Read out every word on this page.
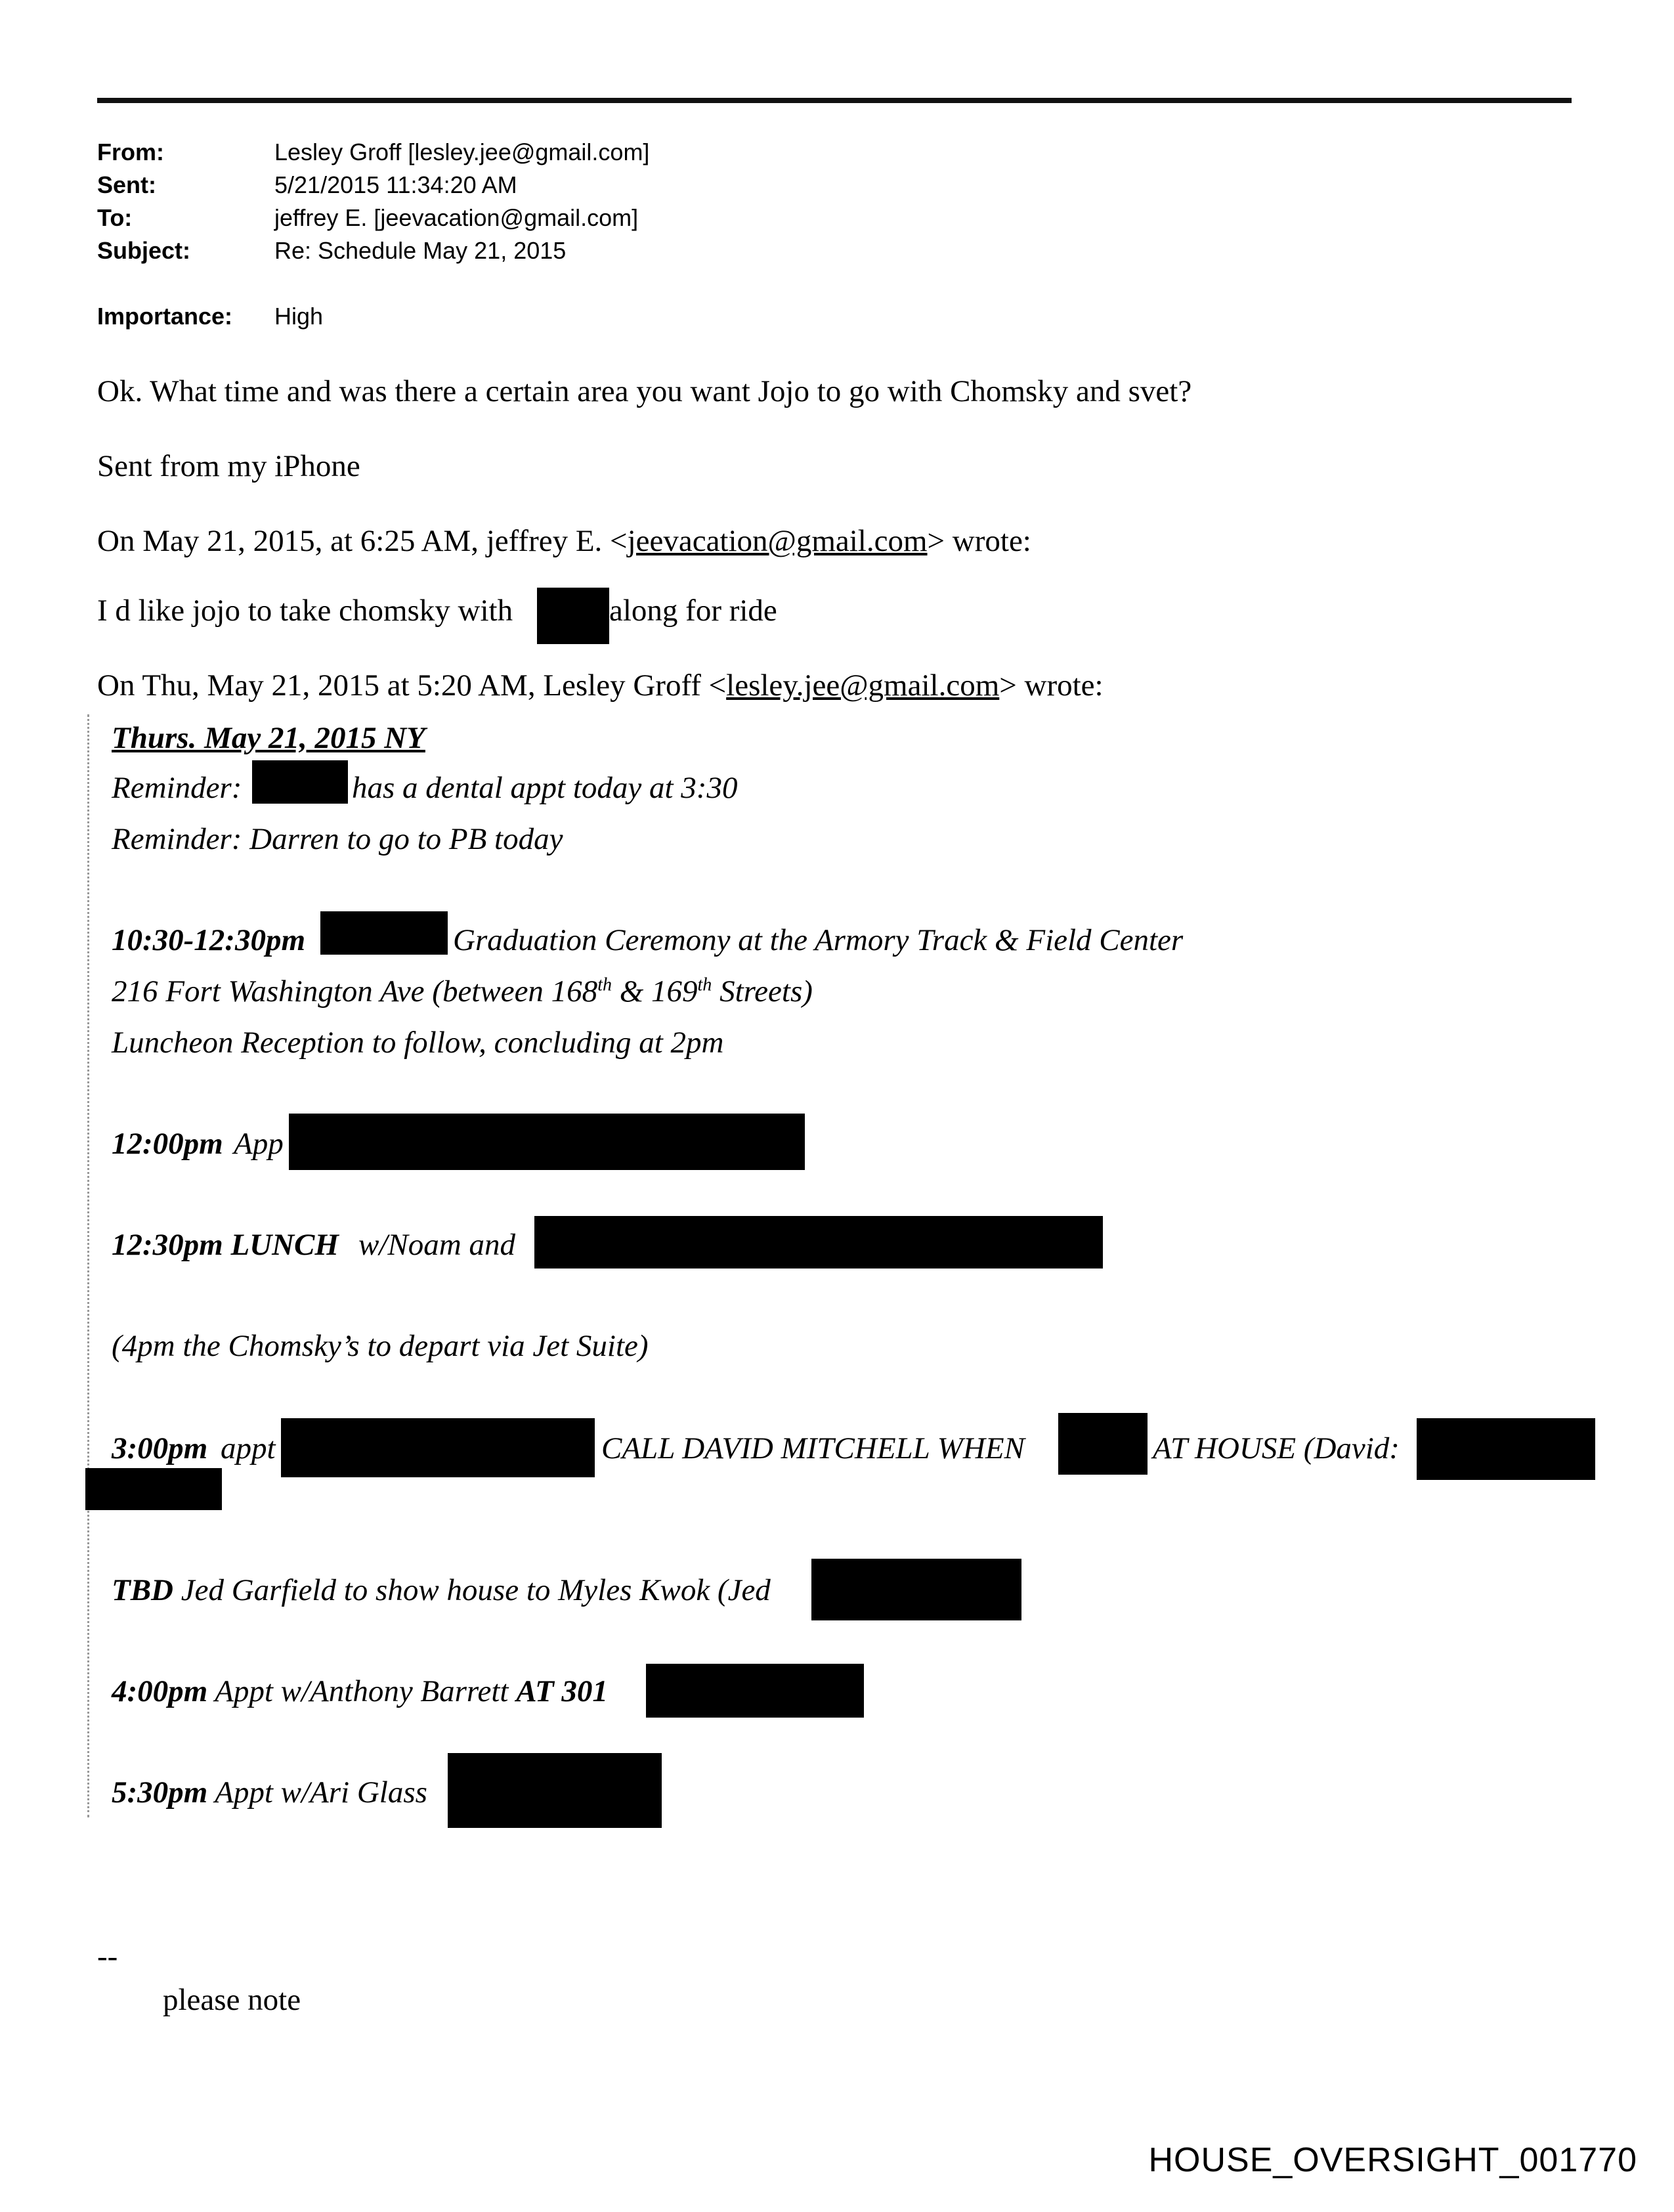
From:	Lesley Groff [lesley.jee@gmail.com]
Sent:	5/21/2015 11:34:20 AM
To:	jeffrey E. [jeevacation@gmail.com]
Subject:	Re: Schedule May 21, 2015
Importance: High
Ok. What time and was there a certain area you want Jojo to go with Chomsky and svet?
Sent from my iPhone
On May 21, 2015, at 6:25 AM, jeffrey E. <jeevacation@gmail.com> wrote:
I d like jojo to take chomsky with	along for ride
On Thu, May 21, 2015 at 5:20 AM, Lesley Groff <lesley.jee@gmail.com> wrote:
Thurs. May 21, 2015 NY
Reminder:	has a dental appt today at 3:30
Reminder: Darren to go to PB today
10:30-12:30pm	Graduation Ceremony at the Armory Track & Field Center
216 Fort Washington Ave (between 168th & 169th Streets)
Luncheon Reception to follow, concluding at 2pm
12:00pm App
12:30pm LUNCH w/Noam and
(4pm the Chomsky’s to depart via Jet Suite)
3:00pm appt	CALL DAVID MITCHELL WHEN	AT HOUSE (David:
TBD Jed Garfield to show house to Myles Kwok (Jed
4:00pm Appt w/Anthony Barrett AT 301
5:30pm Appt w/Ari Glass
--
please note
HOUSE_OVERSIGHT_001770
